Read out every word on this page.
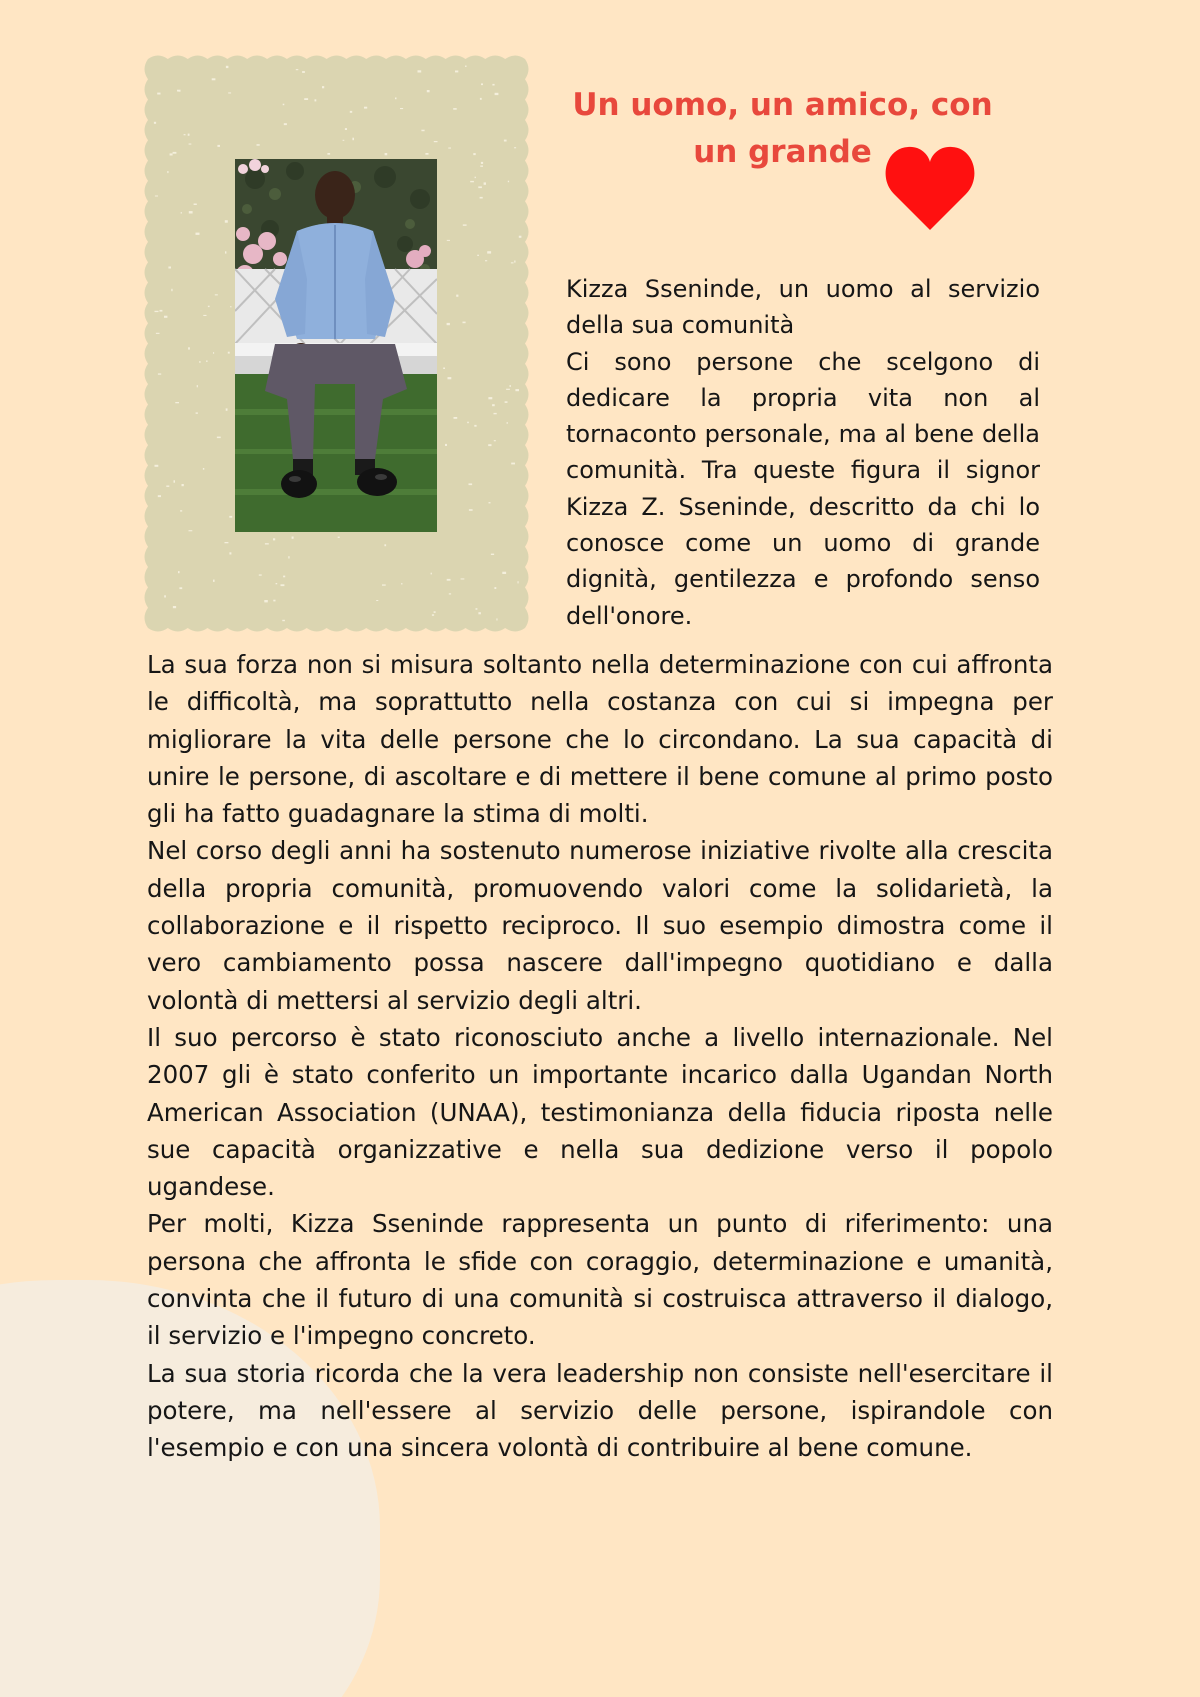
Un uomo, un amico, con
un grande

Kizza Sseninde, un uomo al servizio della sua comunità

Ci sono persone che scelgono di dedicare la propria vita non al tornaconto personale, ma al bene della comunità. Tra queste figura il signor Kizza Z. Sseninde, descritto da chi lo conosce come un uomo di grande dignità, gentilezza e profondo senso dell'onore.

La sua forza non si misura soltanto nella determinazione con cui affronta le difficoltà, ma soprattutto nella costanza con cui si impegna per migliorare la vita delle persone che lo circondano. La sua capacità di unire le persone, di ascoltare e di mettere il bene comune al primo posto gli ha fatto guadagnare la stima di molti.

Nel corso degli anni ha sostenuto numerose iniziative rivolte alla crescita della propria comunità, promuovendo valori come la solidarietà, la collaborazione e il rispetto reciproco. Il suo esempio dimostra come il vero cambiamento possa nascere dall'impegno quotidiano e dalla volontà di mettersi al servizio degli altri.

Il suo percorso è stato riconosciuto anche a livello internazionale. Nel 2007 gli è stato conferito un importante incarico dalla Ugandan North American Association (UNAA), testimonianza della fiducia riposta nelle sue capacità organizzative e nella sua dedizione verso il popolo ugandese.

Per molti, Kizza Sseninde rappresenta un punto di riferimento: una persona che affronta le sfide con coraggio, determinazione e umanità, convinta che il futuro di una comunità si costruisca attraverso il dialogo, il servizio e l'impegno concreto.

La sua storia ricorda che la vera leadership non consiste nell'esercitare il potere, ma nell'essere al servizio delle persone, ispirandole con l'esempio e con una sincera volontà di contribuire al bene comune.
